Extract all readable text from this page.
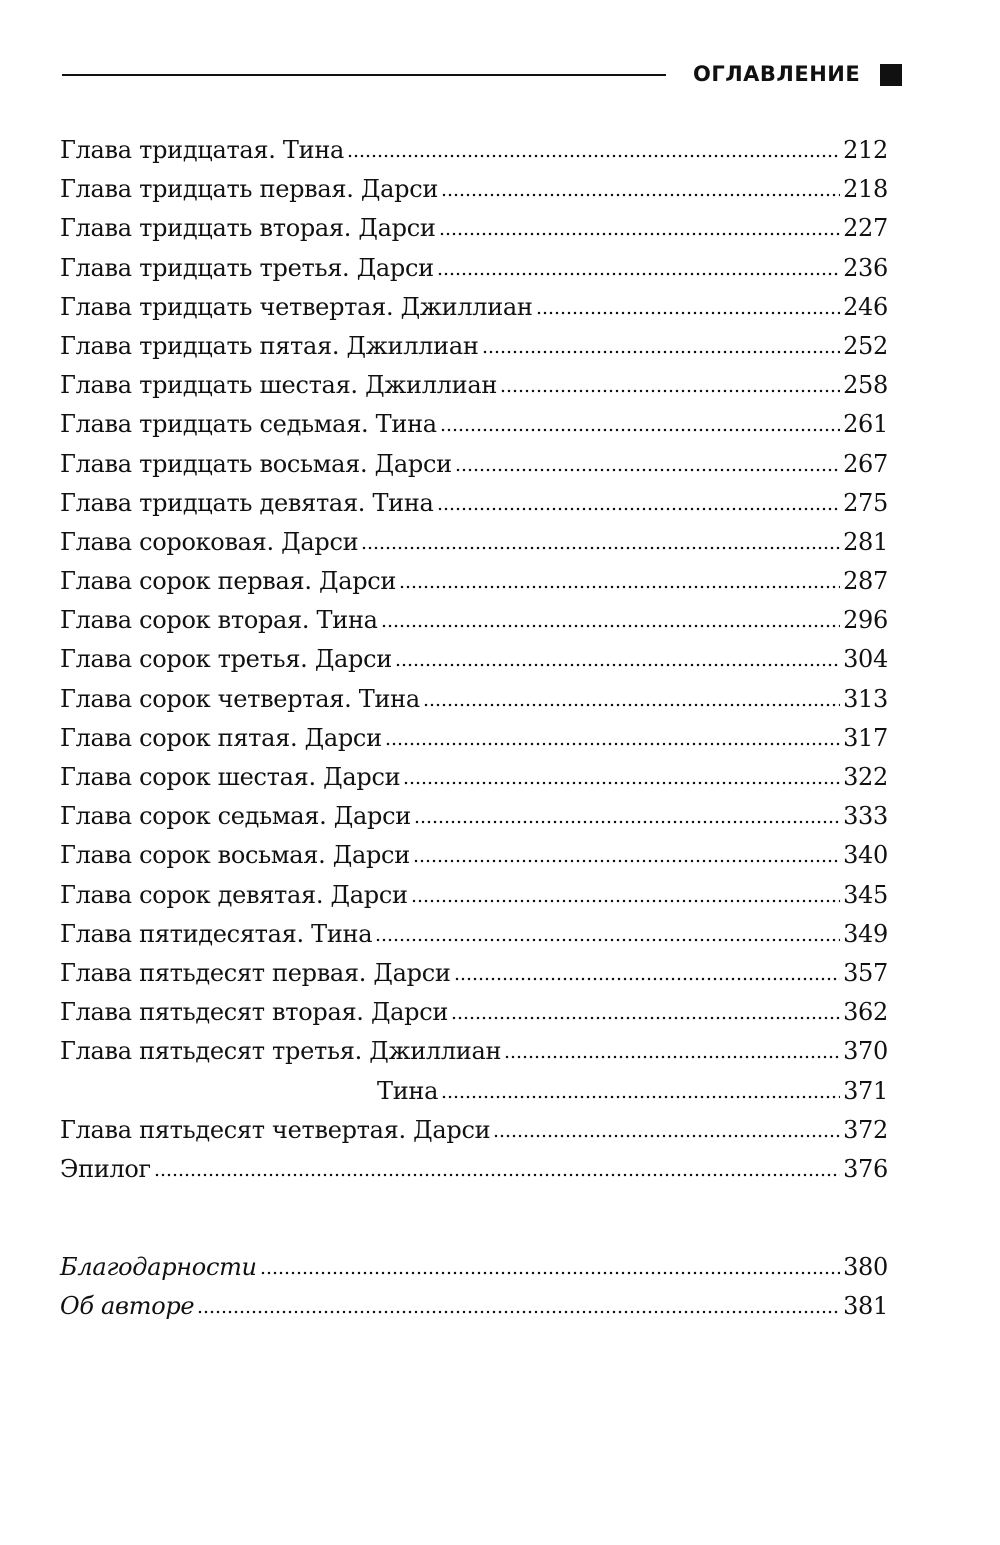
ОГЛАВЛЕНИЕ
Глава тридцатая. Тина	212
Глава тридцать первая. Дарси	218
Глава тридцать вторая. Дарси	227
Глава тридцать третья. Дарси	236
Глава тридцать четвертая. Джиллиан	246
Глава тридцать пятая. Джиллиан	252
Глава тридцать шестая. Джиллиан	258
Глава тридцать седьмая. Тина	261
Глава тридцать восьмая. Дарси	267
Глава тридцать девятая. Тина	275
Глава сороковая. Дарси	281
Глава сорок первая. Дарси	287
Глава сорок вторая. Тина	296
Глава сорок третья. Дарси	304
Глава сорок четвертая. Тина	313
Глава сорок пятая. Дарси	317
Глава сорок шестая. Дарси	322
Глава сорок седьмая. Дарси	333
Глава сорок восьмая. Дарси	340
Глава сорок девятая. Дарси	345
Глава пятидесятая. Тина	349
Глава пятьдесят первая. Дарси	357
Глава пятьдесят вторая. Дарси	362
Глава пятьдесят третья. Джиллиан	370
Тина	371
Глава пятьдесят четвертая. Дарси	372
Эпилог	376
Благодарности	380
Об авторе	381
